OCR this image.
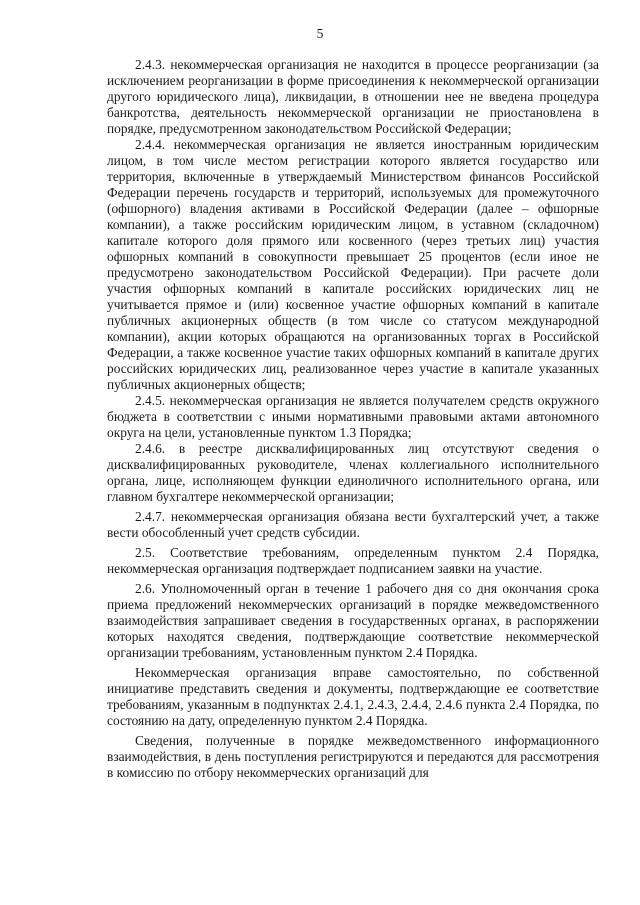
5

2.4.3. некоммерческая организация не находится в процессе реорганизации (за исключением реорганизации в форме присоединения к некоммерческой организации другого юридического лица), ликвидации, в отношении нее не введена процедура банкротства, деятельность некоммерческой организации не приостановлена в порядке, предусмотренном законодательством Российской Федерации;

2.4.4. некоммерческая организация не является иностранным юридическим лицом, в том числе местом регистрации которого является государство или территория, включенные в утверждаемый Министерством финансов Российской Федерации перечень государств и территорий, используемых для промежуточного (офшорного) владения активами в Российской Федерации (далее – офшорные компании), а также российским юридическим лицом, в уставном (складочном) капитале которого доля прямого или косвенного (через третьих лиц) участия офшорных компаний в совокупности превышает 25 процентов (если иное не предусмотрено законодательством Российской Федерации). При расчете доли участия офшорных компаний в капитале российских юридических лиц не учитывается прямое и (или) косвенное участие офшорных компаний в капитале публичных акционерных обществ (в том числе со статусом международной компании), акции которых обращаются на организованных торгах в Российской Федерации, а также косвенное участие таких офшорных компаний в капитале других российских юридических лиц, реализованное через участие в капитале указанных публичных акционерных обществ;

2.4.5. некоммерческая организация не является получателем средств окружного бюджета в соответствии с иными нормативными правовыми актами автономного округа на цели, установленные пунктом 1.3 Порядка;

2.4.6. в реестре дисквалифицированных лиц отсутствуют сведения о дисквалифицированных руководителе, членах коллегиального исполнительного органа, лице, исполняющем функции единоличного исполнительного органа, или главном бухгалтере некоммерческой организации;

2.4.7. некоммерческая организация обязана вести бухгалтерский учет, а также вести обособленный учет средств субсидии.

2.5. Соответствие требованиям, определенным пунктом 2.4 Порядка, некоммерческая организация подтверждает подписанием заявки на участие.

2.6. Уполномоченный орган в течение 1 рабочего дня со дня окончания срока приема предложений некоммерческих организаций в порядке межведомственного взаимодействия запрашивает сведения в государственных органах, в распоряжении которых находятся сведения, подтверждающие соответствие некоммерческой организации требованиям, установленным пунктом 2.4 Порядка.

Некоммерческая организация вправе самостоятельно, по собственной инициативе представить сведения и документы, подтверждающие ее соответствие требованиям, указанным в подпунктах 2.4.1, 2.4.3, 2.4.4, 2.4.6 пункта 2.4 Порядка, по состоянию на дату, определенную пунктом 2.4 Порядка.

Сведения, полученные в порядке межведомственного информационного взаимодействия, в день поступления регистрируются и передаются для рассмотрения в комиссию по отбору некоммерческих организаций для
